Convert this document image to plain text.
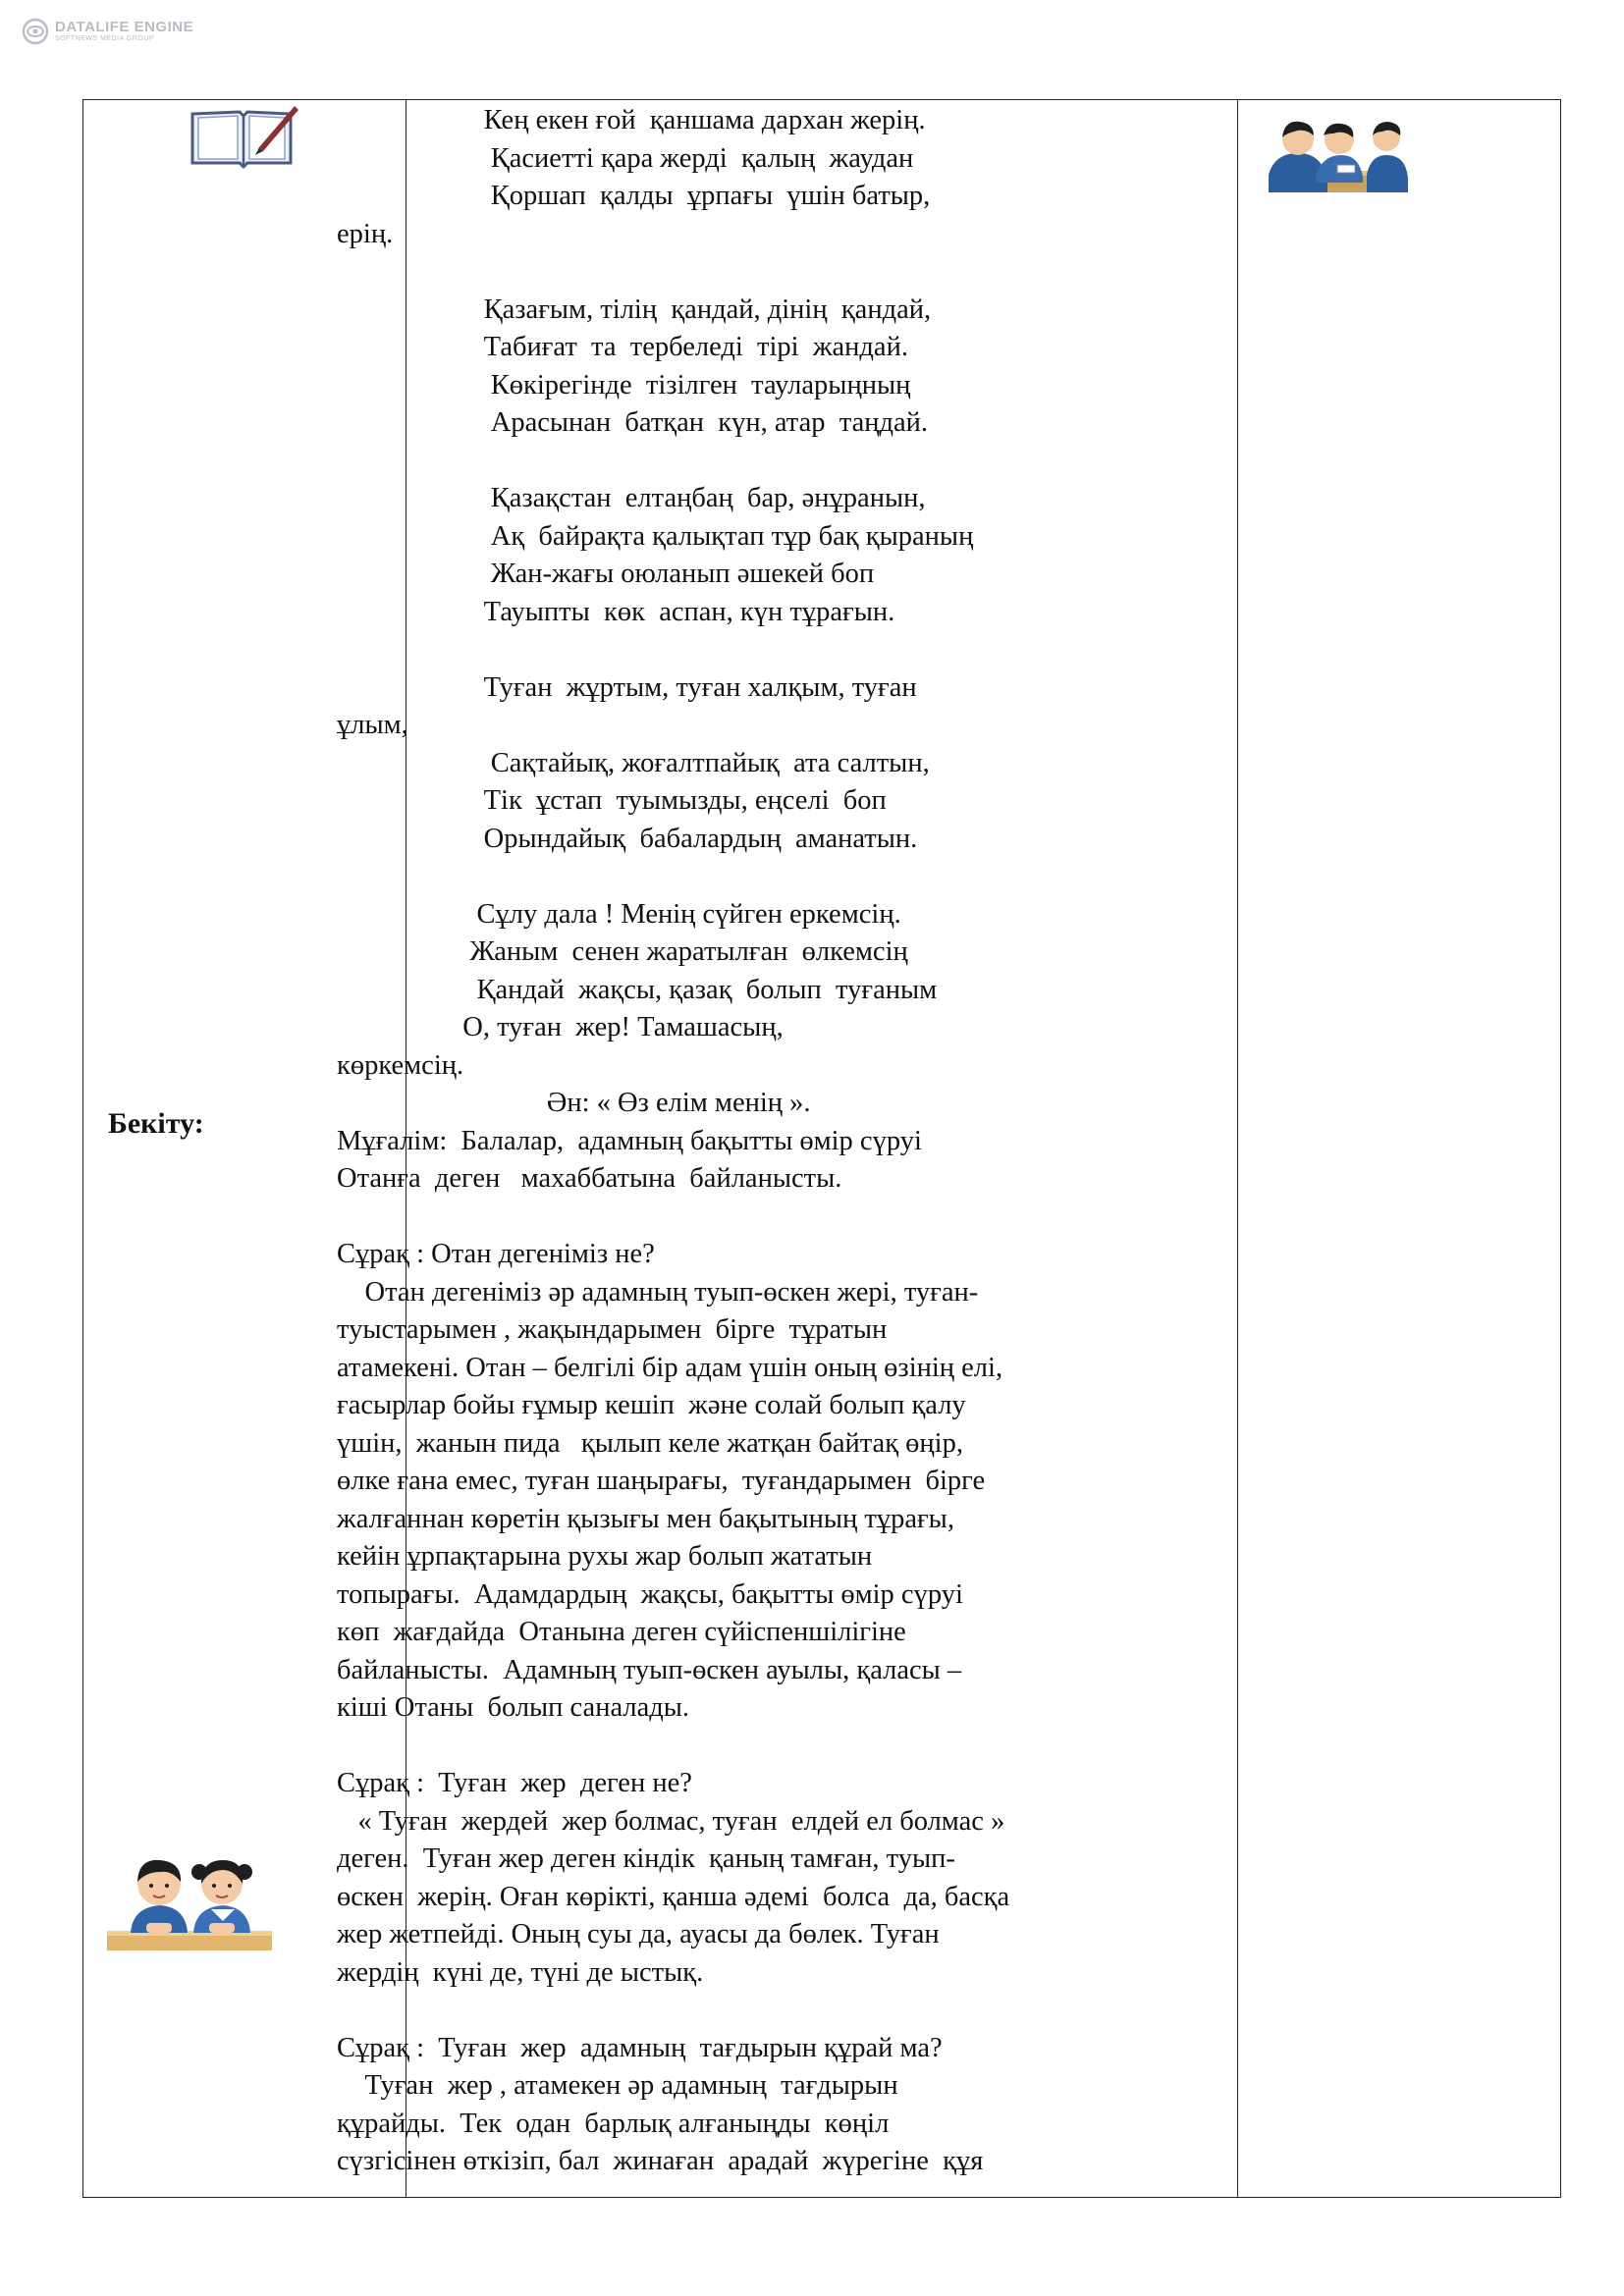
DATALIFE ENGINE
SOFTNEWS MEDIA GROUP
Бекіту:
Кең екен ғой  қаншама дархан жерің.
Қасиетті қара жерді  қалың  жаудан
Қоршап  қалды  ұрпағы  үшін батыр,
ерің.
Қазағым, тілің  қандай, дінің  қандай,
Табиғат  та  тербеледі  тірі  жандай.
Көкірегінде  тізілген  тауларыңның
Арасынан  батқан  күн, атар  таңдай.
Қазақстан  елтаңбаң  бар, әнұранын,
Ақ  байрақта қалықтап тұр бақ қыраның
Жан-жағы оюланып әшекей боп
Тауыпты  көк  аспан, күн тұрағын.
Туған  жұртым, туған халқым, туған
ұлым,
Сақтайық, жоғалтпайық  ата салтын,
Тік  ұстап  туымызды, еңселі  боп
Орындайық  бабалардың  аманатын.
Сұлу дала ! Менің сүйген еркемсің.
Жаным  сенен жаратылған  өлкемсің
Қандай  жақсы, қазақ  болып  туғаным
О, туған  жер! Тамашасың,
көркемсің.
Ән: « Өз елім менің ».
Мұғалім:  Балалар,  адамның бақытты өмір сүруі
Отанға  деген   махаббатына  байланысты.
Сұрақ : Отан дегеніміз не?
Отан дегеніміз әр адамның туып-өскен жері, туған-
туыстарымен , жақындарымен  бірге  тұратын
атамекені. Отан – белгілі бір адам үшін оның өзінің елі,
ғасырлар бойы ғұмыр кешіп  және солай болып қалу
үшін,  жанын пида   қылып келе жатқан байтақ өңір,
өлке ғана емес, туған шаңырағы,  туғандарымен  бірге
жалғаннан көретін қызығы мен бақытының тұрағы,
кейін ұрпақтарына рухы жар болып жататын
топырағы.  Адамдардың  жақсы, бақытты өмір сүруі
көп  жағдайда  Отанына деген сүйіспеншілігіне
байланысты.  Адамның туып-өскен ауылы, қаласы –
кіші Отаны  болып саналады.
Сұрақ :  Туған  жер  деген не?
« Туған  жердей  жер болмас, туған  елдей ел болмас »
деген.  Туған жер деген кіндік  қаның тамған, туып-
өскен  жерің. Оған көрікті, қанша әдемі  болса  да, басқа
жер жетпейді. Оның суы да, ауасы да бөлек. Туған
жердің  күні де, түні де ыстық.
Сұрақ :  Туған  жер  адамның  тағдырын құрай ма?
Туған  жер , атамекен әр адамның  тағдырын
құрайды.  Тек  одан  барлық алғаныңды  көңіл
сүзгісінен өткізіп, бал  жинаған  арадай  жүрегіне  құя
